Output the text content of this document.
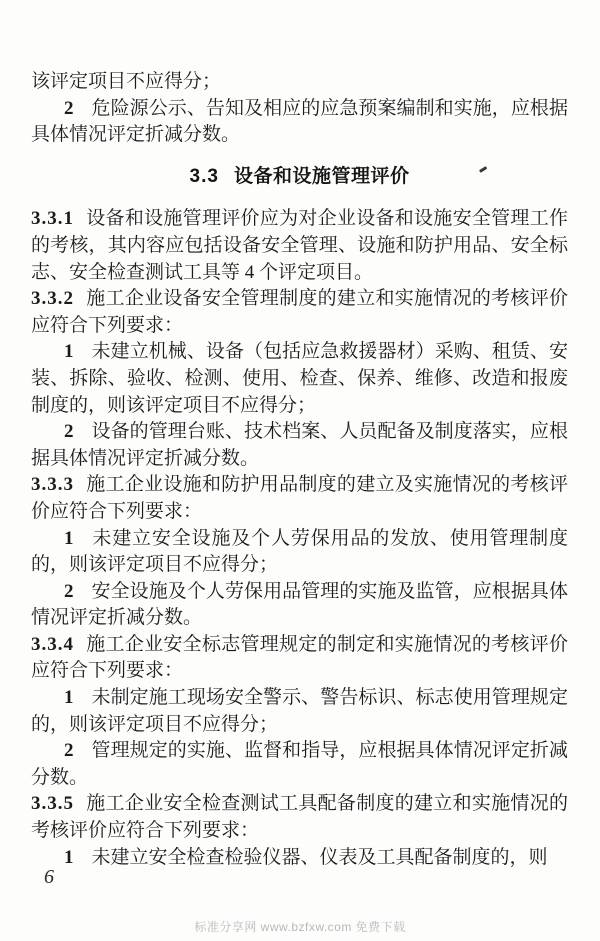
该评定项目不应得分；

2 危险源公示、告知及相应的应急预案编制和实施，应根据具体情况评定折减分数。

3.3 设备和设施管理评价

3.3.1 设备和设施管理评价应为对企业设备和设施安全管理工作的考核，其内容应包括设备安全管理、设施和防护用品、安全标志、安全检查测试工具等 4 个评定项目。

3.3.2 施工企业设备安全管理制度的建立和实施情况的考核评价应符合下列要求：

1 未建立机械、设备（包括应急救援器材）采购、租赁、安装、拆除、验收、检测、使用、检查、保养、维修、改造和报废制度的，则该评定项目不应得分；

2 设备的管理台账、技术档案、人员配备及制度落实，应根据具体情况评定折减分数。

3.3.3 施工企业设施和防护用品制度的建立及实施情况的考核评价应符合下列要求：

1 未建立安全设施及个人劳保用品的发放、使用管理制度的，则该评定项目不应得分；

2 安全设施及个人劳保用品管理的实施及监管，应根据具体情况评定折减分数。

3.3.4 施工企业安全标志管理规定的制定和实施情况的考核评价应符合下列要求：

1 未制定施工现场安全警示、警告标识、标志使用管理规定的，则该评定项目不应得分；

2 管理规定的实施、监督和指导，应根据具体情况评定折减分数。

3.3.5 施工企业安全检查测试工具配备制度的建立和实施情况的考核评价应符合下列要求：

1 未建立安全检查检验仪器、仪表及工具配备制度的，则

6
标准分享网 www.bzfxw.com 免费下载
